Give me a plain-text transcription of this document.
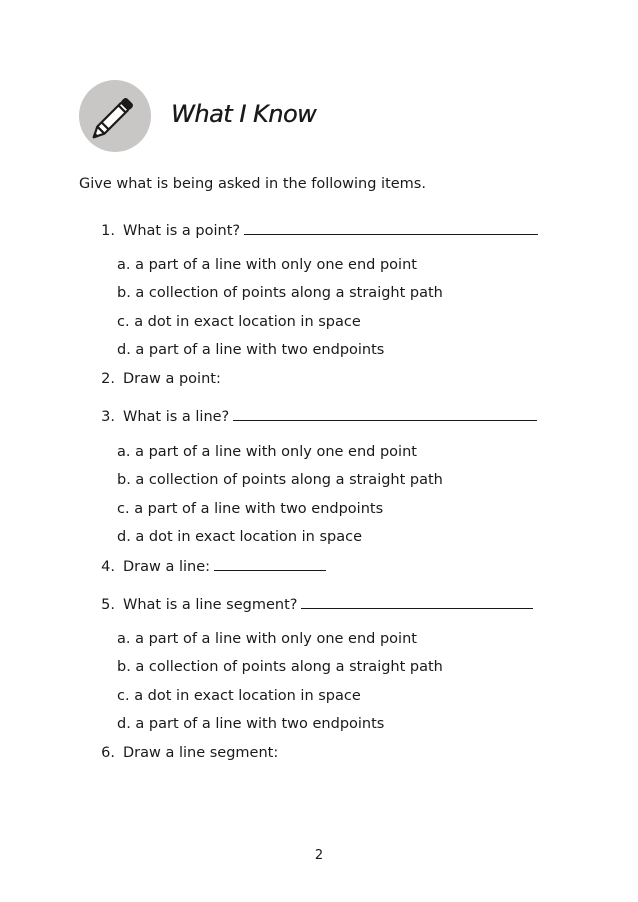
What I Know
Give what is being asked in the following items.
1. What is a point?
a. a part of a line with only one end point
b. a collection of points along a straight path
c. a dot in exact location in space
d. a part of a line with two endpoints
2. Draw a point:
3. What is a line?
a. a part of a line with only one end point
b. a collection of points along a straight path
c. a part of a line with two endpoints
d. a dot in exact location in space
4. Draw a line:
5. What is a line segment?
a. a part of a line with only one end point
b. a collection of points along a straight path
c. a dot in exact location in space
d. a part of a line with two endpoints
6. Draw a line segment:
2
